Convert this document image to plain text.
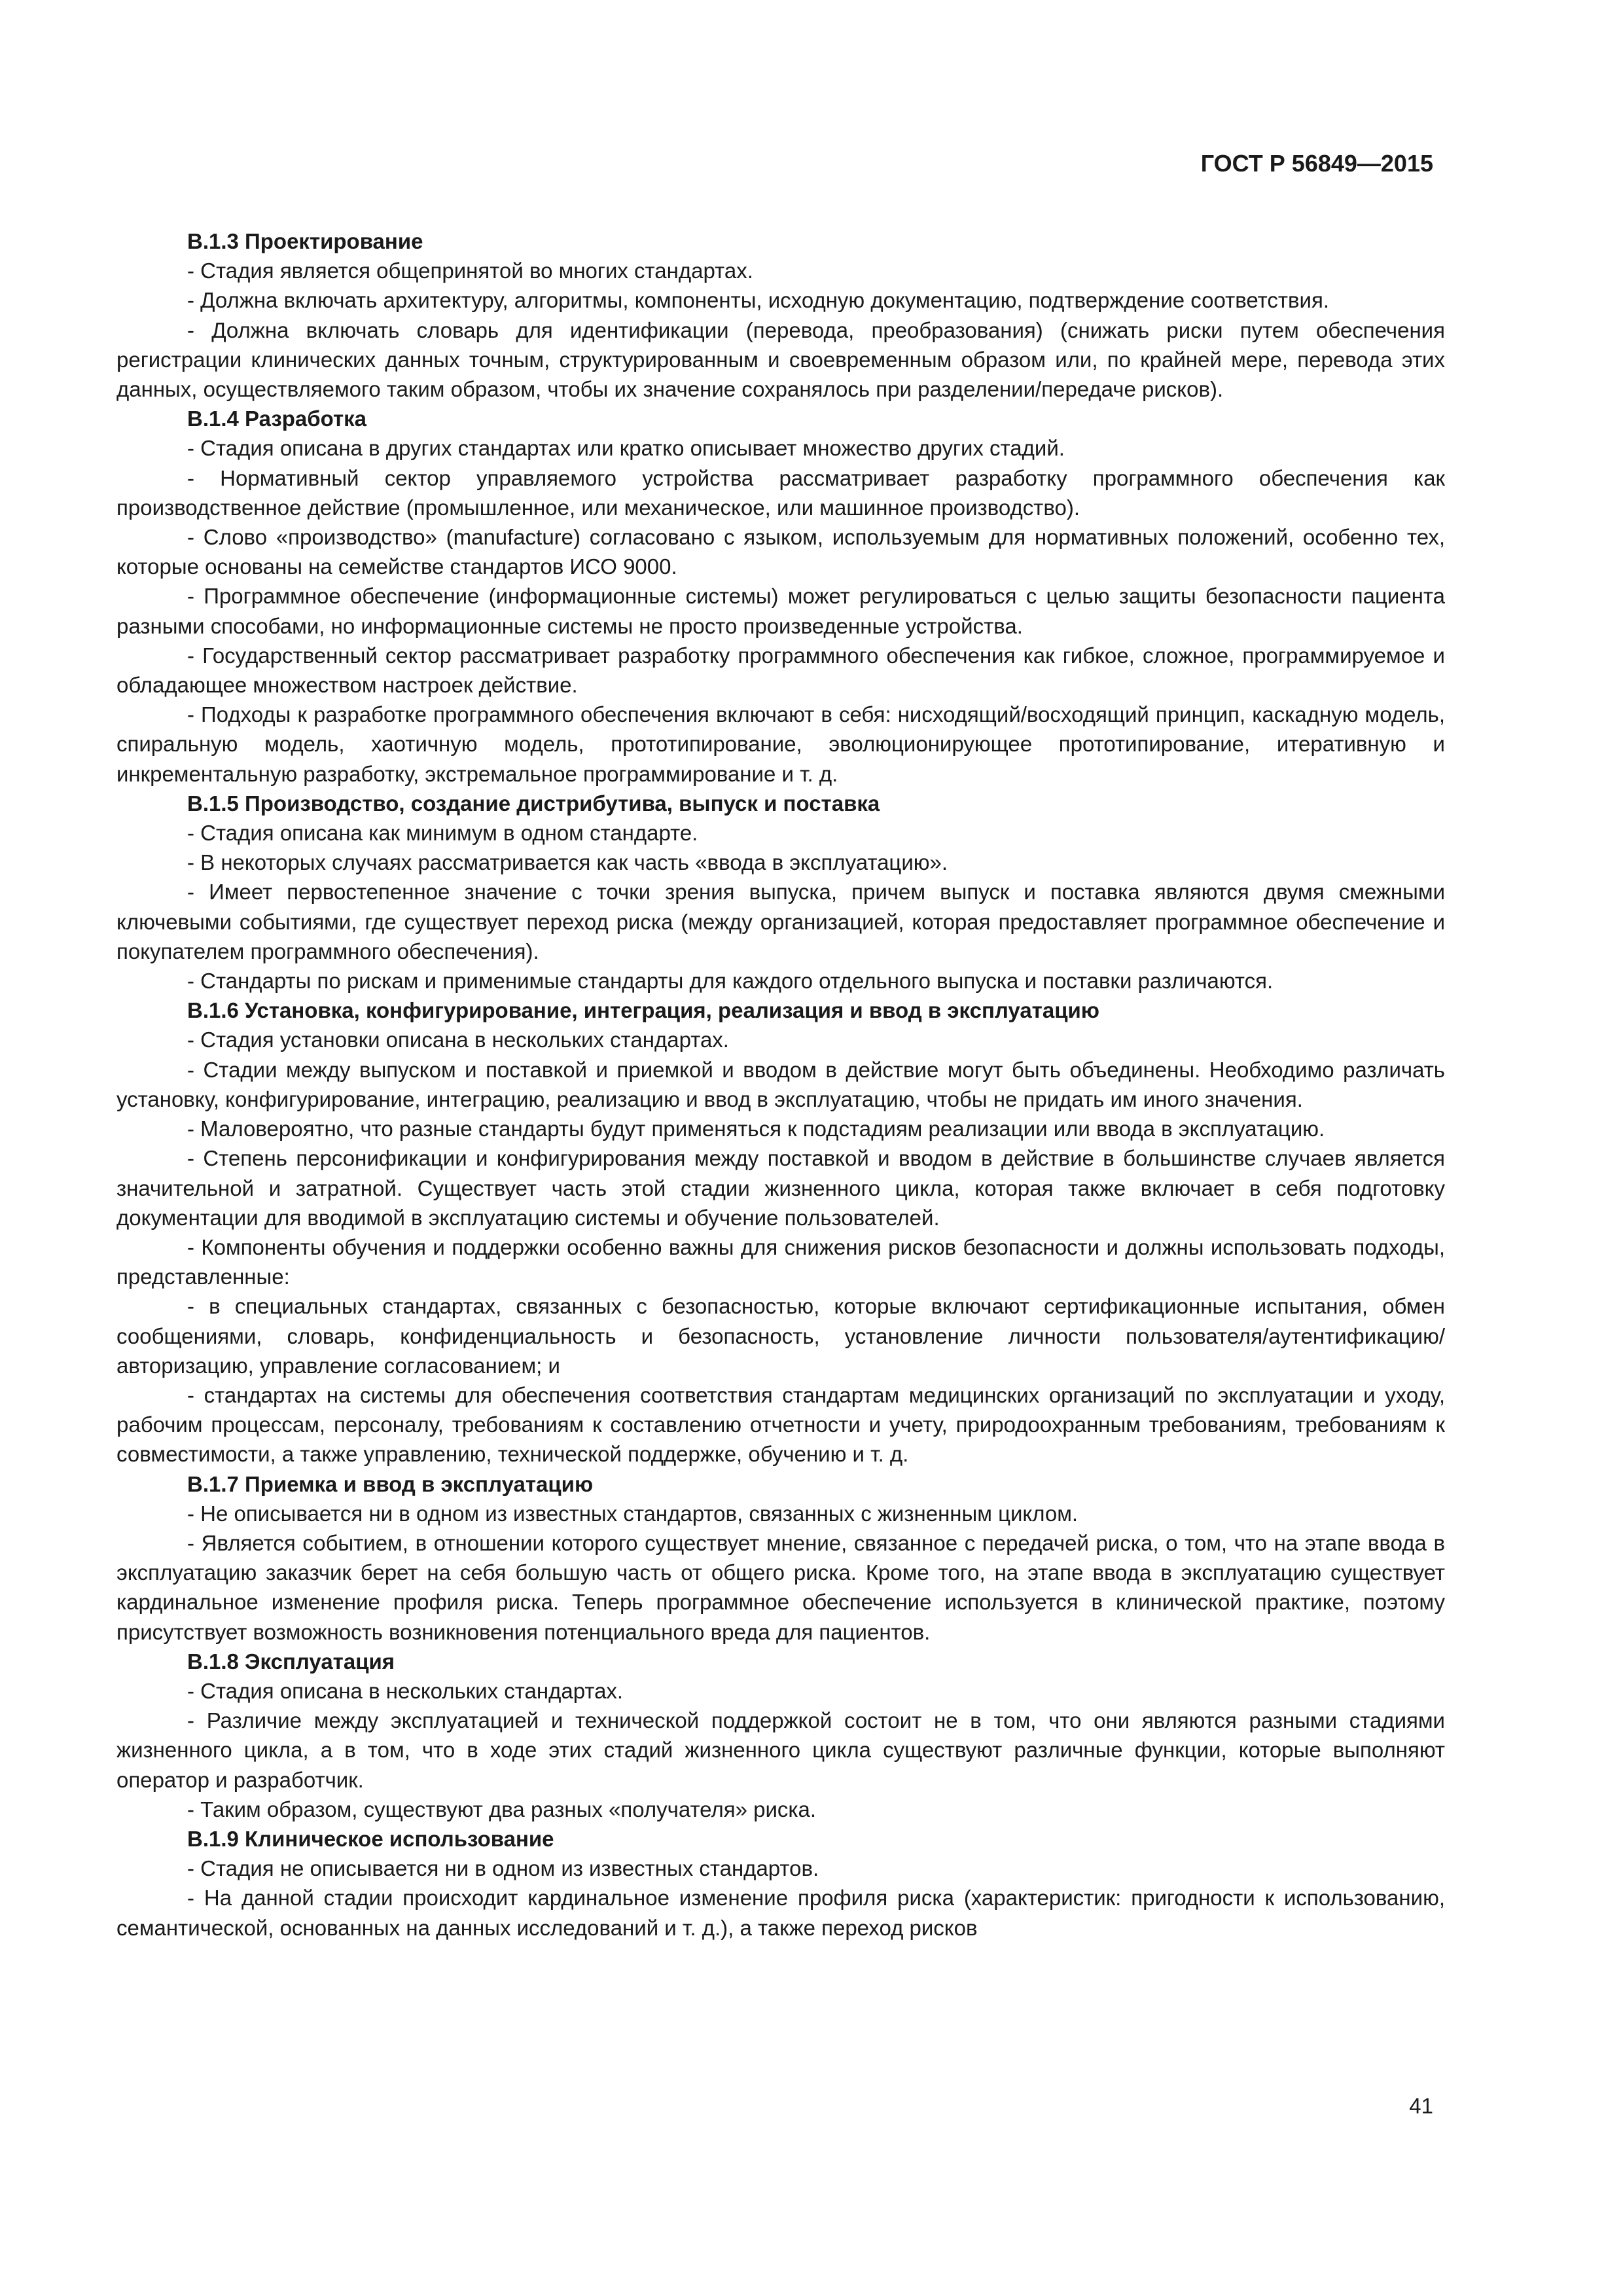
ГОСТ Р 56849—2015
В.1.3 Проектирование

- Стадия является общепринятой во многих стандартах.

- Должна включать архитектуру, алгоритмы, компоненты, исходную документацию, подтверждение соответствия.

- Должна включать словарь для идентификации (перевода, преобразования) (снижать риски путем обеспечения регистрации клинических данных точным, структурированным и своевременным образом или, по крайней мере, перевода этих данных, осуществляемого таким образом, чтобы их значение сохранялось при разделении/передаче рисков).

В.1.4 Разработка

- Стадия описана в других стандартах или кратко описывает множество других стадий.

- Нормативный сектор управляемого устройства рассматривает разработку программного обеспечения как производственное действие (промышленное, или механическое, или машинное производство).

- Слово «производство» (manufacture) согласовано с языком, используемым для нормативных положений, особенно тех, которые основаны на семействе стандартов ИСО 9000.

- Программное обеспечение (информационные системы) может регулироваться с целью защиты безопасности пациента разными способами, но информационные системы не просто произведенные устройства.

- Государственный сектор рассматривает разработку программного обеспечения как гибкое, сложное, программируемое и обладающее множеством настроек действие.

- Подходы к разработке программного обеспечения включают в себя: нисходящий/восходящий принцип, каскадную модель, спиральную модель, хаотичную модель, прототипирование, эволюционирующее прототипирование, итеративную и инкрементальную разработку, экстремальное программирование и т. д.

В.1.5 Производство, создание дистрибутива, выпуск и поставка

- Стадия описана как минимум в одном стандарте.

- В некоторых случаях рассматривается как часть «ввода в эксплуатацию».

- Имеет первостепенное значение с точки зрения выпуска, причем выпуск и поставка являются двумя смежными ключевыми событиями, где существует переход риска (между организацией, которая предоставляет программное обеспечение и покупателем программного обеспечения).

- Стандарты по рискам и применимые стандарты для каждого отдельного выпуска и поставки различаются.

В.1.6 Установка, конфигурирование, интеграция, реализация и ввод в эксплуатацию

- Стадия установки описана в нескольких стандартах.

- Стадии между выпуском и поставкой и приемкой и вводом в действие могут быть объединены. Необходимо различать установку, конфигурирование, интеграцию, реализацию и ввод в эксплуатацию, чтобы не придать им иного значения.

- Маловероятно, что разные стандарты будут применяться к подстадиям реализации или ввода в эксплуатацию.

- Степень персонификации и конфигурирования между поставкой и вводом в действие в большинстве случаев является значительной и затратной. Существует часть этой стадии жизненного цикла, которая также включает в себя подготовку документации для вводимой в эксплуатацию системы и обучение пользователей.

- Компоненты обучения и поддержки особенно важны для снижения рисков безопасности и должны использовать подходы, представленные:

- в специальных стандартах, связанных с безопасностью, которые включают сертификационные испытания, обмен сообщениями, словарь, конфиденциальность и безопасность, установление личности пользователя/аутентификацию/авторизацию, управление согласованием; и

- стандартах на системы для обеспечения соответствия стандартам медицинских организаций по эксплуатации и уходу, рабочим процессам, персоналу, требованиям к составлению отчетности и учету, природоохранным требованиям, требованиям к совместимости, а также управлению, технической поддержке, обучению и т. д.

В.1.7 Приемка и ввод в эксплуатацию

- Не описывается ни в одном из известных стандартов, связанных с жизненным циклом.

- Является событием, в отношении которого существует мнение, связанное с передачей риска, о том, что на этапе ввода в эксплуатацию заказчик берет на себя большую часть от общего риска. Кроме того, на этапе ввода в эксплуатацию существует кардинальное изменение профиля риска. Теперь программное обеспечение используется в клинической практике, поэтому присутствует возможность возникновения потенциального вреда для пациентов.

В.1.8 Эксплуатация

- Стадия описана в нескольких стандартах.

- Различие между эксплуатацией и технической поддержкой состоит не в том, что они являются разными стадиями жизненного цикла, а в том, что в ходе этих стадий жизненного цикла существуют различные функции, которые выполняют оператор и разработчик.

- Таким образом, существуют два разных «получателя» риска.

В.1.9 Клиническое использование

- Стадия не описывается ни в одном из известных стандартов.

- На данной стадии происходит кардинальное изменение профиля риска (характеристик: пригодности к использованию, семантической, основанных на данных исследований и т. д.), а также переход рисков

41
